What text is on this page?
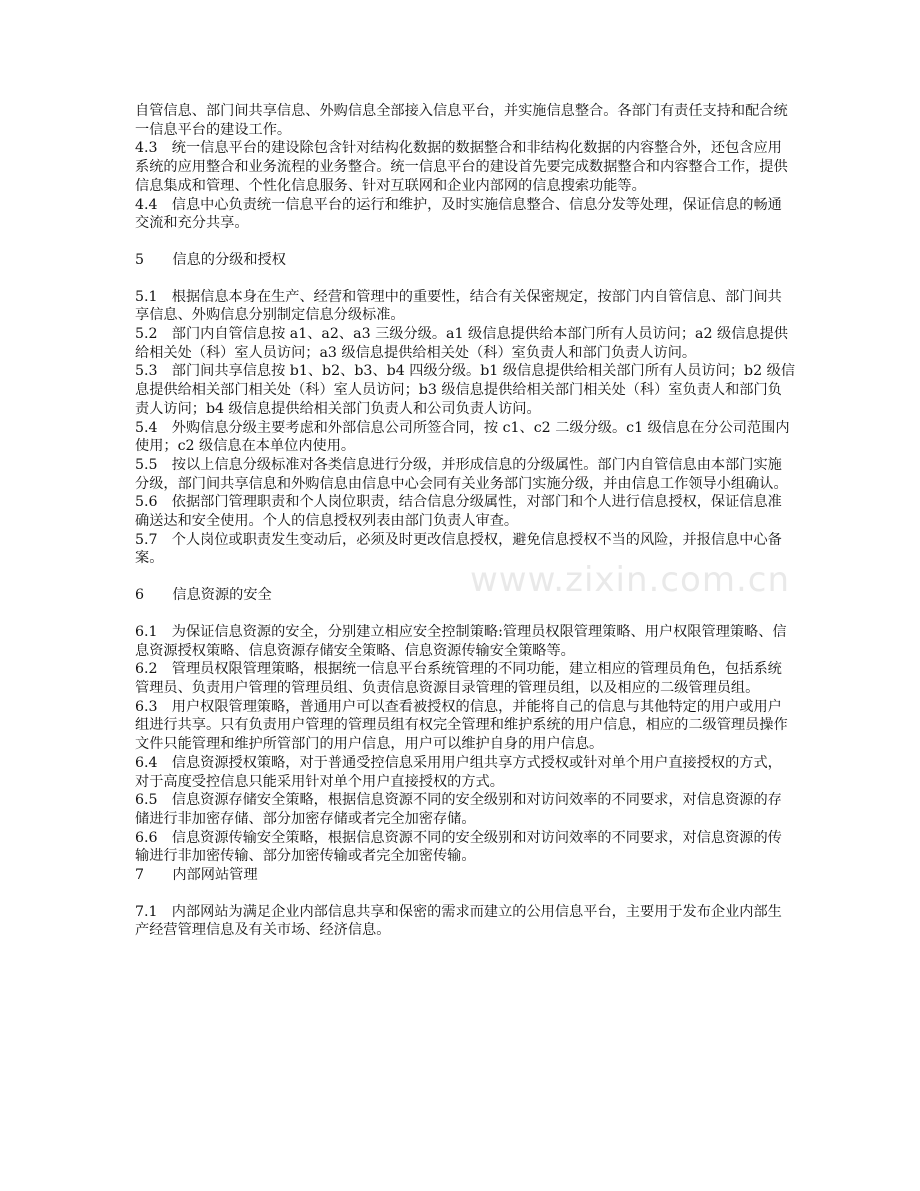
自管信息、部门间共享信息、外购信息全部接入信息平台，并实施信息整合。各部门有责任支持和配合统一信息平台的建设工作。

4.3　统一信息平台的建设除包含针对结构化数据的数据整合和非结构化数据的内容整合外，还包含应用系统的应用整合和业务流程的业务整合。统一信息平台的建设首先要完成数据整合和内容整合工作，提供信息集成和管理、个性化信息服务、针对互联网和企业内部网的信息搜索功能等。

4.4　信息中心负责统一信息平台的运行和维护，及时实施信息整合、信息分发等处理，保证信息的畅通交流和充分共享。

5　　信息的分级和授权

5.1　根据信息本身在生产、经营和管理中的重要性，结合有关保密规定，按部门内自管信息、部门间共享信息、外购信息分别制定信息分级标准。

5.2　部门内自管信息按 a1、a2、a3 三级分级。a1 级信息提供给本部门所有人员访问；a2 级信息提供给相关处（科）室人员访问；a3 级信息提供给相关处（科）室负责人和部门负责人访问。

5.3　部门间共享信息按 b1、b2、b3、b4 四级分级。b1 级信息提供给相关部门所有人员访问；b2 级信息提供给相关部门相关处（科）室人员访问；b3 级信息提供给相关部门相关处（科）室负责人和部门负责人访问；b4 级信息提供给相关部门负责人和公司负责人访问。

5.4　外购信息分级主要考虑和外部信息公司所签合同，按 c1、c2 二级分级。c1 级信息在分公司范围内使用；c2 级信息在本单位内使用。

5.5　按以上信息分级标准对各类信息进行分级，并形成信息的分级属性。部门内自管信息由本部门实施分级，部门间共享信息和外购信息由信息中心会同有关业务部门实施分级，并由信息工作领导小组确认。

5.6　依据部门管理职责和个人岗位职责，结合信息分级属性，对部门和个人进行信息授权，保证信息准确送达和安全使用。个人的信息授权列表由部门负责人审查。

5.7　个人岗位或职责发生变动后，必须及时更改信息授权，避免信息授权不当的风险，并报信息中心备案。

6　　信息资源的安全

6.1　为保证信息资源的安全，分别建立相应安全控制策略:管理员权限管理策略、用户权限管理策略、信息资源授权策略、信息资源存储安全策略、信息资源传输安全策略等。

6.2　管理员权限管理策略，根据统一信息平台系统管理的不同功能，建立相应的管理员角色，包括系统管理员、负责用户管理的管理员组、负责信息资源目录管理的管理员组，以及相应的二级管理员组。

6.3　用户权限管理策略，普通用户可以查看被授权的信息，并能将自己的信息与其他特定的用户或用户组进行共享。只有负责用户管理的管理员组有权完全管理和维护系统的用户信息，相应的二级管理员操作文件只能管理和维护所管部门的用户信息，用户可以维护自身的用户信息。

6.4　信息资源授权策略，对于普通受控信息采用用户组共享方式授权或针对单个用户直接授权的方式，对于高度受控信息只能采用针对单个用户直接授权的方式。

6.5　信息资源存储安全策略，根据信息资源不同的安全级别和对访问效率的不同要求，对信息资源的存储进行非加密存储、部分加密存储或者完全加密存储。

6.6　信息资源传输安全策略，根据信息资源不同的安全级别和对访问效率的不同要求，对信息资源的传输进行非加密传输、部分加密传输或者完全加密传输。

7　　内部网站管理

7.1　内部网站为满足企业内部信息共享和保密的需求而建立的公用信息平台，主要用于发布企业内部生产经营管理信息及有关市场、经济信息。

www.zixin.com.cn
